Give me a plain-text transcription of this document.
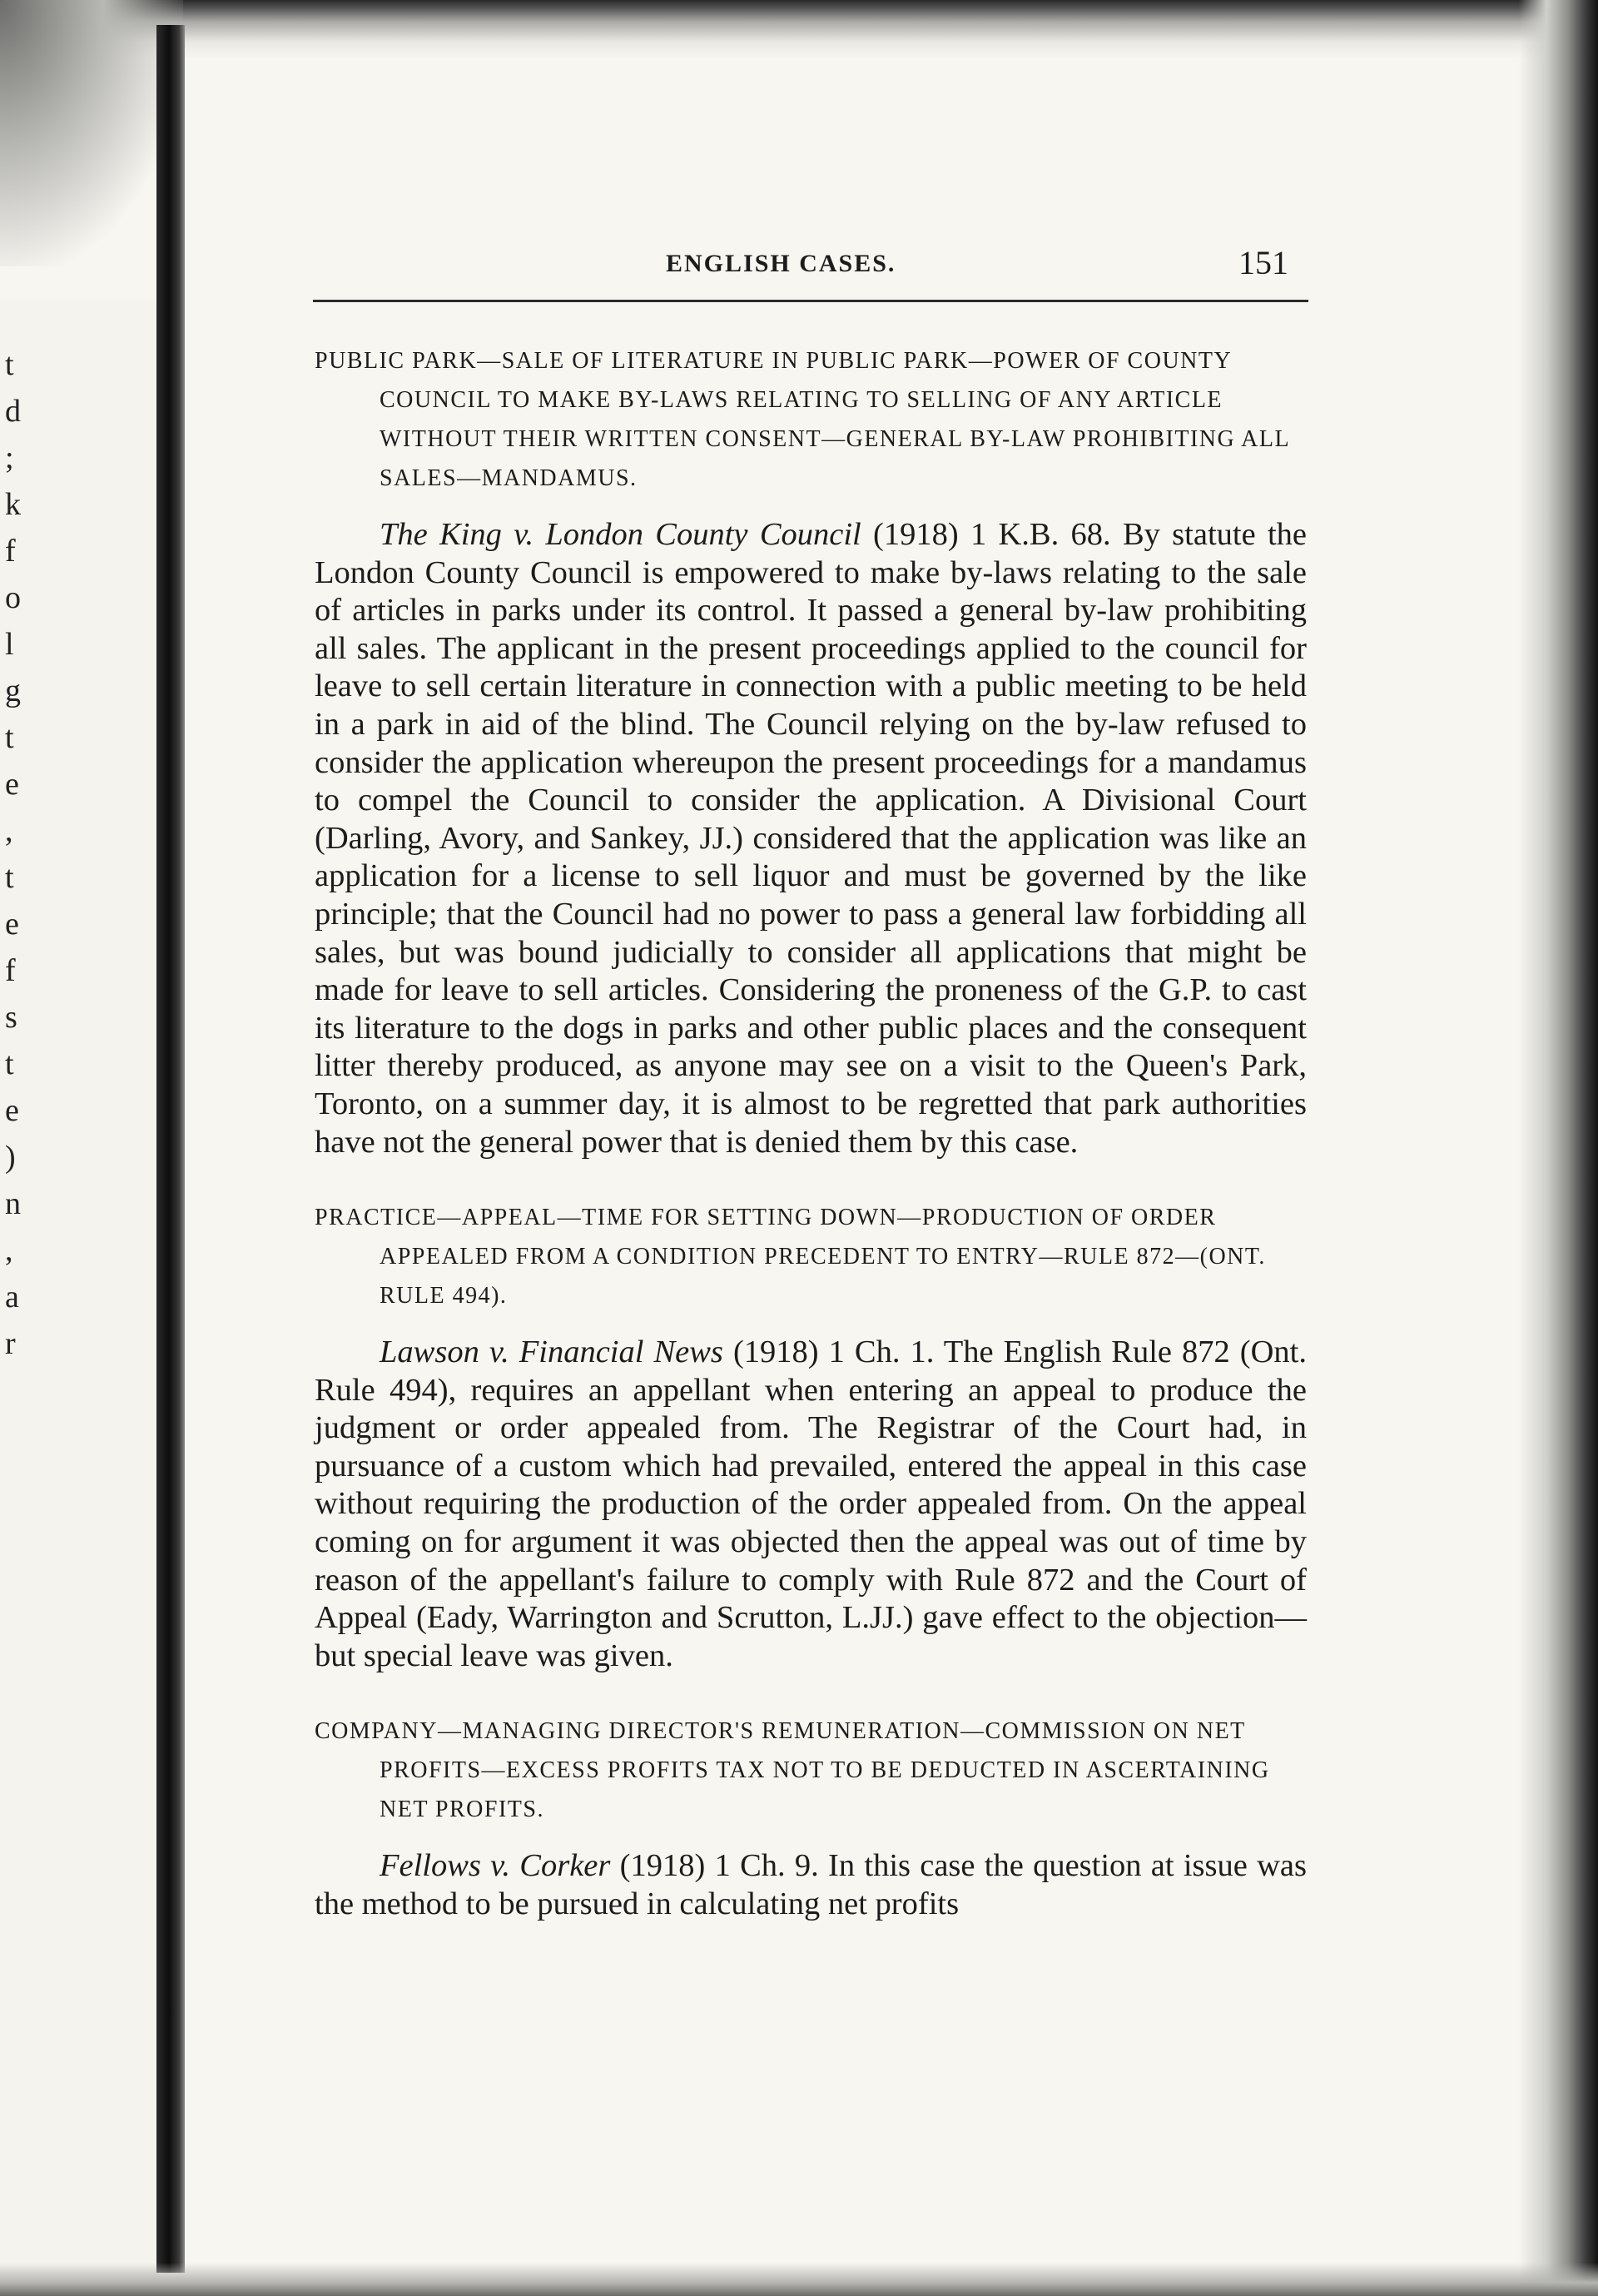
t
d
;
k
f
o
l
g
t
e
,
t
e
f
s
t
e
)
n
,
a
r
ENGLISH CASES.	151

PUBLIC PARK—SALE OF LITERATURE IN PUBLIC PARK—POWER OF COUNTY COUNCIL TO MAKE BY-LAWS RELATING TO SELLING OF ANY ARTICLE WITHOUT THEIR WRITTEN CONSENT—GENERAL BY-LAW PROHIBITING ALL SALES—MANDAMUS.

The King v. London County Council (1918) 1 K.B. 68. By statute the London County Council is empowered to make by-laws relating to the sale of articles in parks under its control. It passed a general by-law prohibiting all sales. The applicant in the present proceedings applied to the council for leave to sell certain literature in connection with a public meeting to be held in a park in aid of the blind. The Council relying on the by-law refused to consider the application whereupon the present proceedings for a mandamus to compel the Council to consider the application. A Divisional Court (Darling, Avory, and Sankey, JJ.) considered that the application was like an application for a license to sell liquor and must be governed by the like principle; that the Council had no power to pass a general law forbidding all sales, but was bound judicially to consider all applications that might be made for leave to sell articles. Considering the proneness of the G.P. to cast its literature to the dogs in parks and other public places and the consequent litter thereby produced, as anyone may see on a visit to the Queen's Park, Toronto, on a summer day, it is almost to be regretted that park authorities have not the general power that is denied them by this case.

PRACTICE—APPEAL—TIME FOR SETTING DOWN—PRODUCTION OF ORDER APPEALED FROM A CONDITION PRECEDENT TO ENTRY—RULE 872—(ONT. RULE 494).

Lawson v. Financial News (1918) 1 Ch. 1. The English Rule 872 (Ont. Rule 494), requires an appellant when entering an appeal to produce the judgment or order appealed from. The Registrar of the Court had, in pursuance of a custom which had prevailed, entered the appeal in this case without requiring the production of the order appealed from. On the appeal coming on for argument it was objected then the appeal was out of time by reason of the appellant's failure to comply with Rule 872 and the Court of Appeal (Eady, Warrington and Scrutton, L.JJ.) gave effect to the objection—but special leave was given.

COMPANY—MANAGING DIRECTOR'S REMUNERATION—COMMISSION ON NET PROFITS—EXCESS PROFITS TAX NOT TO BE DEDUCTED IN ASCERTAINING NET PROFITS.

Fellows v. Corker (1918) 1 Ch. 9. In this case the question at issue was the method to be pursued in calculating net profits
